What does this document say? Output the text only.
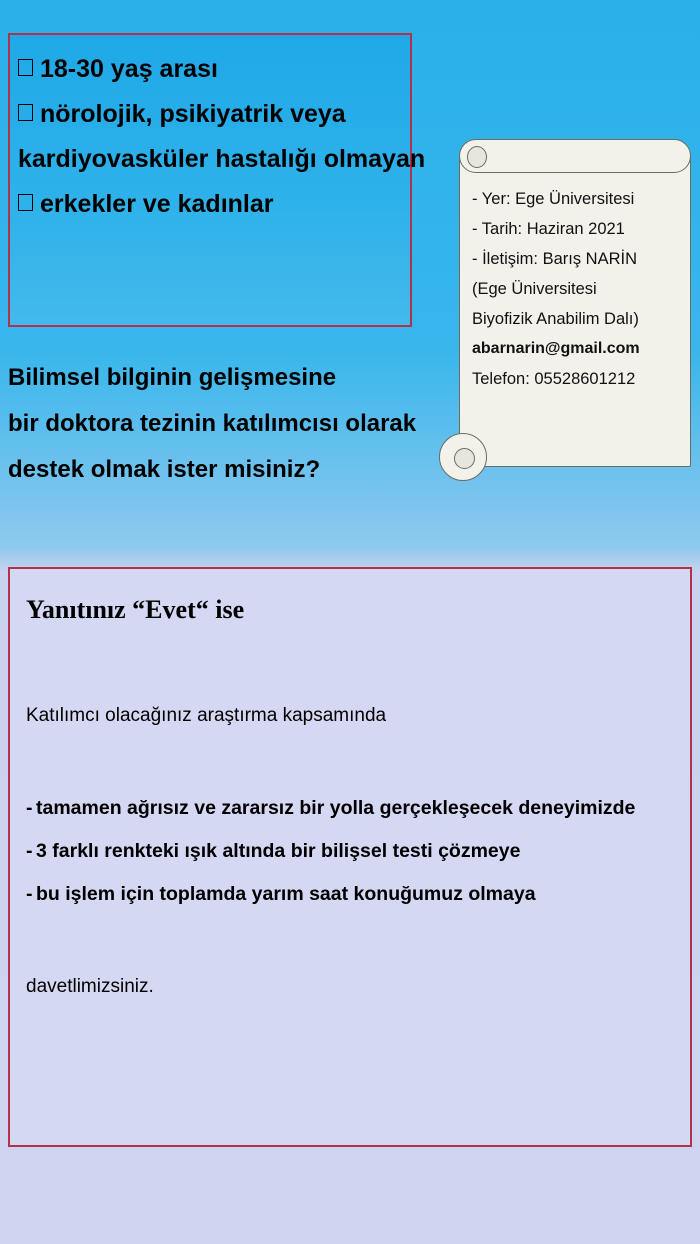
18-30 yaş arası
nörolojik, psikiyatrik veya
kardiyovasküler hastalığı olmayan
erkekler ve kadınlar
Bilimsel bilginin gelişmesine
bir doktora tezinin katılımcısı olarak
destek olmak ister misiniz?
- Yer: Ege Üniversitesi
- Tarih: Haziran 2021
- İletişim: Barış NARİN
(Ege Üniversitesi
Biyofizik Anabilim Dalı)
abarnarin@gmail.com
Telefon: 05528601212
Yanıtınız “Evet“ ise
Katılımcı olacağınız araştırma kapsamında
- tamamen ağrısız ve zararsız bir yolla gerçekleşecek deneyimizde
- 3 farklı renkteki ışık altında bir bilişsel testi çözmeye
- bu işlem için toplamda yarım saat konuğumuz olmaya
davetlimizsiniz.
